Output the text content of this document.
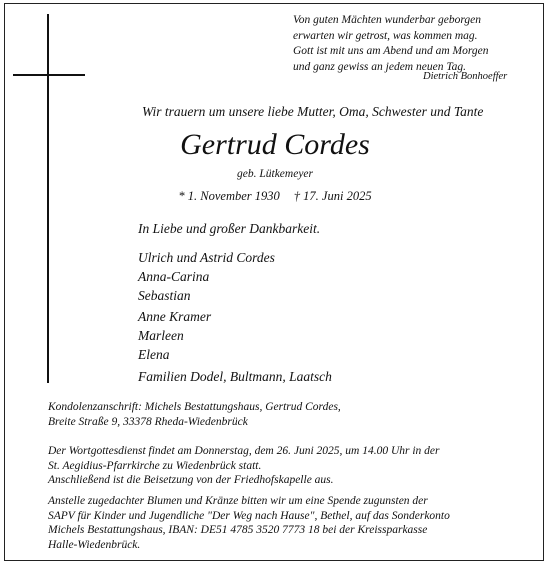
Von guten Mächten wunderbar geborgen
erwarten wir getrost, was kommen mag.
Gott ist mit uns am Abend und am Morgen
und ganz gewiss an jedem neuen Tag.
Dietrich Bonhoeffer
Wir trauern um unsere liebe Mutter, Oma, Schwester und Tante
Gertrud Cordes
geb. Lütkemeyer
* 1. November 1930 † 17. Juni 2025
In Liebe und großer Dankbarkeit.
Ulrich und Astrid Cordes
Anna-Carina
Sebastian
Anne Kramer
Marleen
Elena
Familien Dodel, Bultmann, Laatsch
Kondolenzanschrift: Michels Bestattungshaus, Gertrud Cordes,
Breite Straße 9, 33378 Rheda-Wiedenbrück
Der Wortgottesdienst findet am Donnerstag, dem 26. Juni 2025, um 14.00 Uhr in der
St. Aegidius-Pfarrkirche zu Wiedenbrück statt.
Anschließend ist die Beisetzung von der Friedhofskapelle aus.
Anstelle zugedachter Blumen und Kränze bitten wir um eine Spende zugunsten der
SAPV für Kinder und Jugendliche "Der Weg nach Hause", Bethel, auf das Sonderkonto
Michels Bestattungshaus, IBAN: DE51 4785 3520 7773 18 bei der Kreissparkasse
Halle-Wiedenbrück.
